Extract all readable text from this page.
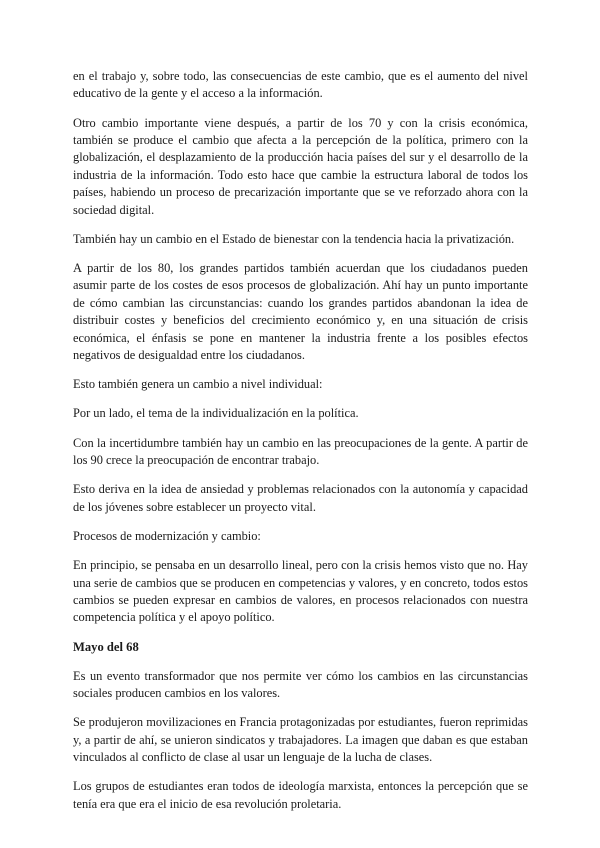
en el trabajo y, sobre todo, las consecuencias de este cambio, que es el aumento del nivel educativo de la gente y el acceso a la información.

Otro cambio importante viene después, a partir de los 70 y con la crisis económica, también se produce el cambio que afecta a la percepción de la política, primero con la globalización, el desplazamiento de la producción hacia países del sur y el desarrollo de la industria de la información. Todo esto hace que cambie la estructura laboral de todos los países, habiendo un proceso de precarización importante que se ve reforzado ahora con la sociedad digital.

También hay un cambio en el Estado de bienestar con la tendencia hacia la privatización.

A partir de los 80, los grandes partidos también acuerdan que los ciudadanos pueden asumir parte de los costes de esos procesos de globalización. Ahí hay un punto importante de cómo cambian las circunstancias: cuando los grandes partidos abandonan la idea de distribuir costes y beneficios del crecimiento económico y, en una situación de crisis económica, el énfasis se pone en mantener la industria frente a los posibles efectos negativos de desigualdad entre los ciudadanos.

Esto también genera un cambio a nivel individual:

Por un lado, el tema de la individualización en la política.

Con la incertidumbre también hay un cambio en las preocupaciones de la gente. A partir de los 90 crece la preocupación de encontrar trabajo.

Esto deriva en la idea de ansiedad y problemas relacionados con la autonomía y capacidad de los jóvenes sobre establecer un proyecto vital.

Procesos de modernización y cambio:

En principio, se pensaba en un desarrollo lineal, pero con la crisis hemos visto que no. Hay una serie de cambios que se producen en competencias y valores, y en concreto, todos estos cambios se pueden expresar en cambios de valores, en procesos relacionados con nuestra competencia política y el apoyo político.

Mayo del 68

Es un evento transformador que nos permite ver cómo los cambios en las circunstancias sociales producen cambios en los valores.

Se produjeron movilizaciones en Francia protagonizadas por estudiantes, fueron reprimidas y, a partir de ahí, se unieron sindicatos y trabajadores. La imagen que daban es que estaban vinculados al conflicto de clase al usar un lenguaje de la lucha de clases.

Los grupos de estudiantes eran todos de ideología marxista, entonces la percepción que se tenía era que era el inicio de esa revolución proletaria.
